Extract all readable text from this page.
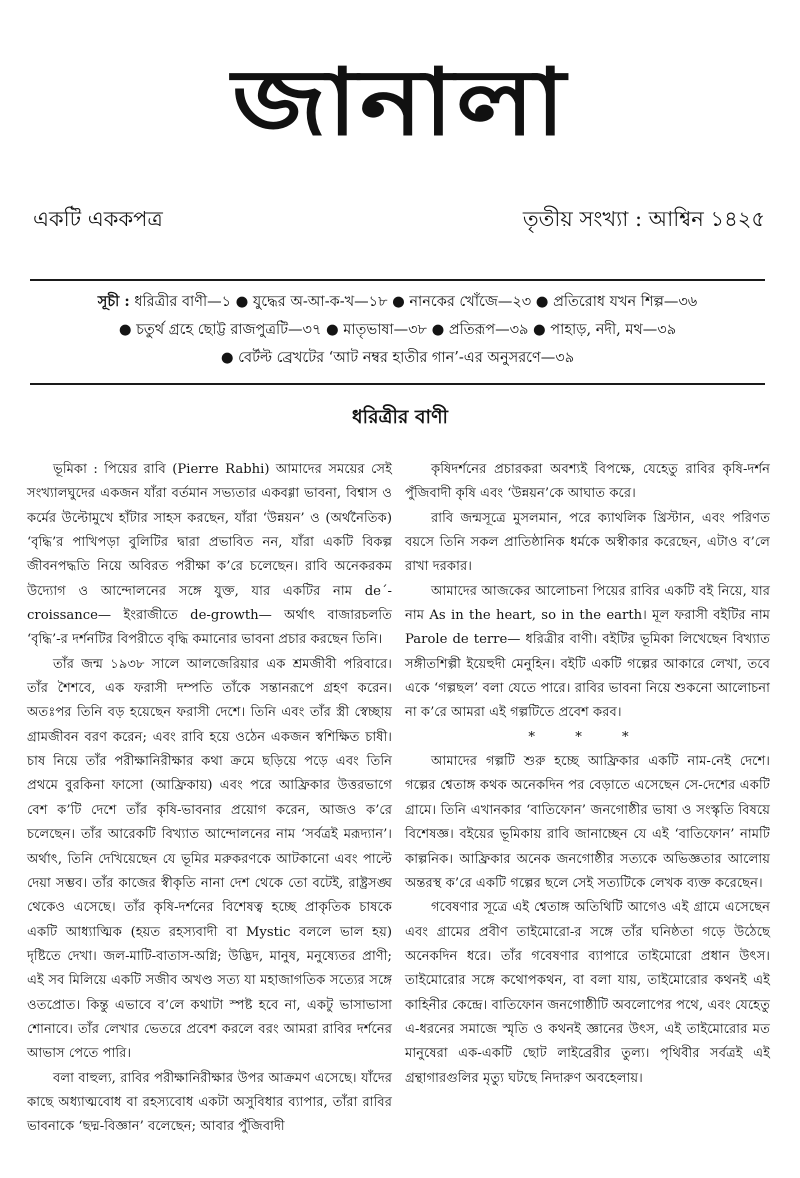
জানালা
একটি এককপত্র	তৃতীয় সংখ্যা : আশ্বিন ১৪২৫
সূচী : ধরিত্রীর বাণী—১ ● যুদ্ধের অ-আ-ক-খ—১৮ ● নানকের খোঁজে—২৩ ● প্রতিরোধ যখন শিল্প—৩৬
● চতুর্থ গ্রহে ছোট্ট রাজপুত্রটি—৩৭ ● মাতৃভাষা—৩৮ ● প্রতিরূপ—৩৯ ● পাহাড়, নদী, মথ—৩৯
● বের্টল্ট ব্রেখটের ‘আট নম্বর হাতীর গান’-এর অনুসরণে—৩৯
ধরিত্রীর বাণী

ভূমিকা : পিয়ের রাবি (Pierre Rabhi) আমাদের সময়ের সেই সংখ্যালঘুদের একজন যাঁরা বর্তমান সভ্যতার একবগ্গা ভাবনা, বিশ্বাস ও কর্মের উল্টোমুখে হাঁটার সাহস করছেন, যাঁরা ‘উন্নয়ন’ ও (অর্থনৈতিক) ‘বৃদ্ধি’র পাখিপড়া বুলিটির দ্বারা প্রভাবিত নন, যাঁরা একটি বিকল্প জীবনপদ্ধতি নিয়ে অবিরত পরীক্ষা ক’রে চলেছেন। রাবি অনেকরকম উদ্যোগ ও আন্দোলনের সঙ্গে যুক্ত, যার একটির নাম de´-croissance— ইংরাজীতে de-growth— অর্থাৎ বাজারচলতি ‘বৃদ্ধি’-র দর্শনটির বিপরীতে বৃদ্ধি কমানোর ভাবনা প্রচার করছেন তিনি।

তাঁর জন্ম ১৯৩৮ সালে আলজেরিয়ার এক শ্রমজীবী পরিবারে। তাঁর শৈশবে, এক ফরাসী দম্পতি তাঁকে সন্তানরূপে গ্রহণ করেন। অতঃপর তিনি বড় হয়েছেন ফরাসী দেশে। তিনি এবং তাঁর স্ত্রী স্বেচ্ছায় গ্রামজীবন বরণ করেন; এবং রাবি হয়ে ওঠেন একজন স্বশিক্ষিত চাষী। চাষ নিয়ে তাঁর পরীক্ষানিরীক্ষার কথা ক্রমে ছড়িয়ে পড়ে এবং তিনি প্রথমে বুরকিনা ফাসো (আফ্রিকায়) এবং পরে আফ্রিকার উত্তরভাগে বেশ ক’টি দেশে তাঁর কৃষি-ভাবনার প্রয়োগ করেন, আজও ক’রে চলেছেন। তাঁর আরেকটি বিখ্যাত আন্দোলনের নাম ‘সর্বত্রই মরূদ্যান’। অর্থাৎ, তিনি দেখিয়েছেন যে ভূমির মরুকরণকে আটকানো এবং পাল্টে দেয়া সম্ভব। তাঁর কাজের স্বীকৃতি নানা দেশ থেকে তো বটেই, রাষ্ট্রসঙ্ঘ থেকেও এসেছে। তাঁর কৃষি-দর্শনের বিশেষত্ব হচ্ছে প্রাকৃতিক চাষকে একটি আধ্যাত্মিক (হয়ত রহস্যবাদী বা Mystic বললে ভাল হয়) দৃষ্টিতে দেখা। জল-মাটি-বাতাস-অগ্নি; উদ্ভিদ, মানুষ, মনুষ্যেতর প্রাণী; এই সব মিলিয়ে একটি সজীব অখণ্ড সত্য যা মহাজাগতিক সত্যের সঙ্গে ওতপ্রোত। কিন্তু এভাবে ব’লে কথাটা স্পষ্ট হবে না, একটু ভাসাভাসা শোনাবে। তাঁর লেখার ভেতরে প্রবেশ করলে বরং আমরা রাবির দর্শনের আভাস পেতে পারি।

বলা বাহুল্য, রাবির পরীক্ষানিরীক্ষার উপর আক্রমণ এসেছে। যাঁদের কাছে অধ্যাত্মবোধ বা রহস্যবোধ একটা অসুবিধার ব্যাপার, তাঁরা রাবির ভাবনাকে ‘ছদ্ম-বিজ্ঞান’ বলেছেন; আবার পুঁজিবাদী

কৃষিদর্শনের প্রচারকরা অবশ্যই বিপক্ষে, যেহেতু রাবির কৃষি-দর্শন পুঁজিবাদী কৃষি এবং ‘উন্নয়ন’কে আঘাত করে।

রাবি জন্মসূত্রে মুসলমান, পরে ক্যাথলিক খ্রিস্টান, এবং পরিণত বয়সে তিনি সকল প্রাতিষ্ঠানিক ধর্মকে অস্বীকার করেছেন, এটাও ব’লে রাখা দরকার।

আমাদের আজকের আলোচনা পিয়ের রাবির একটি বই নিয়ে, যার নাম As in the heart, so in the earth। মূল ফরাসী বইটির নাম Parole de terre— ধরিত্রীর বাণী। বইটির ভূমিকা লিখেছেন বিখ্যাত সঙ্গীতশিল্পী ইয়েহুদী মেনুহিন। বইটি একটি গল্পের আকারে লেখা, তবে একে ‘গল্পছল’ বলা যেতে পারে। রাবির ভাবনা নিয়ে শুকনো আলোচনা না ক’রে আমরা এই গল্পটিতে প্রবেশ করব।

* * *

আমাদের গল্পটি শুরু হচ্ছে আফ্রিকার একটি নাম-নেই দেশে। গল্পের শ্বেতাঙ্গ কথক অনেকদিন পর বেড়াতে এসেছেন সে-দেশের একটি গ্রামে। তিনি এখানকার ‘বাতিফোন’ জনগোষ্ঠীর ভাষা ও সংস্কৃতি বিষয়ে বিশেষজ্ঞ। বইয়ের ভূমিকায় রাবি জানাচ্ছেন যে এই ‘বাতিফোন’ নামটি কাল্পনিক। আফ্রিকার অনেক জনগোষ্ঠীর সত্যকে অভিজ্ঞতার আলোয় অন্তরস্থ ক’রে একটি গল্পের ছলে সেই সত্যটিকে লেখক ব্যক্ত করেছেন।

গবেষণার সূত্রে এই শ্বেতাঙ্গ অতিথিটি আগেও এই গ্রামে এসেছেন এবং গ্রামের প্রবীণ তাইমোরো-র সঙ্গে তাঁর ঘনিষ্ঠতা গড়ে উঠেছে অনেকদিন ধরে। তাঁর গবেষণার ব্যাপারে তাইমোরো প্রধান উৎস। তাইমোরোর সঙ্গে কথোপকথন, বা বলা যায়, তাইমোরোর কথনই এই কাহিনীর কেন্দ্রে। বাতিফোন জনগোষ্ঠীটি অবলোপের পথে, এবং যেহেতু এ-ধরনের সমাজে স্মৃতি ও কথনই জ্ঞানের উৎস, এই তাইমোরোর মত মানুষেরা এক-একটি ছোট লাইব্রেরীর তুল্য। পৃথিবীর সর্বত্রই এই গ্রন্থাগারগুলির মৃত্যু ঘটছে নিদারুণ অবহেলায়।
